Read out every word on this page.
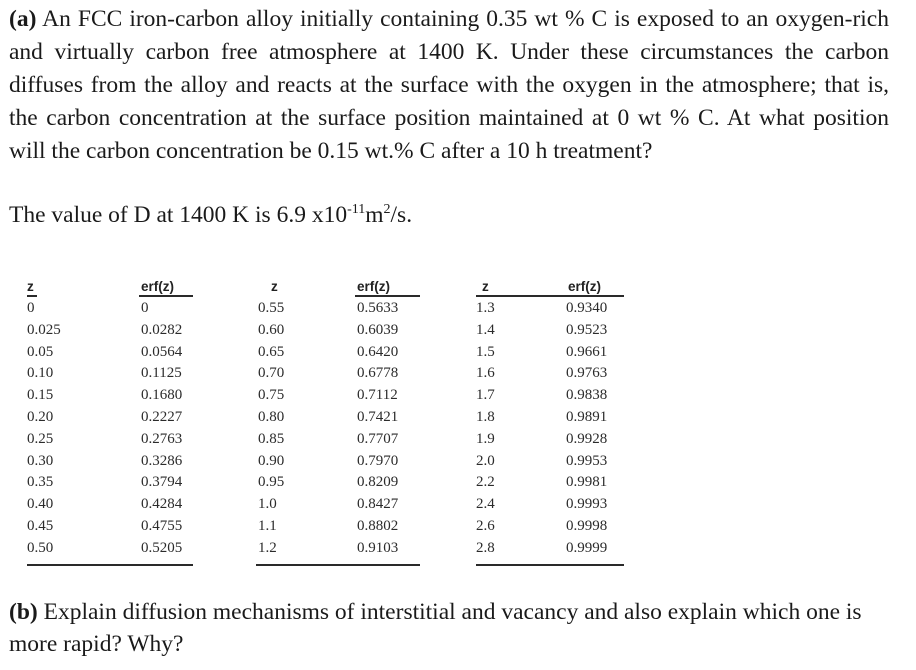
(a) An FCC iron-carbon alloy initially containing 0.35 wt % C is exposed to an oxygen-rich and virtually carbon free atmosphere at 1400 K. Under these circumstances the carbon diffuses from the alloy and reacts at the surface with the oxygen in the atmosphere; that is, the carbon concentration at the surface position maintained at 0 wt % C. At what position will the carbon concentration be 0.15 wt.% C after a 10 h treatment?

The value of D at 1400 K is 6.9 $x10^{-11}m^2/s$.

z	erf(z)
0	0
0.025	0.0282
0.05	0.0564
0.10	0.1125
0.15	0.1680
0.20	0.2227
0.25	0.2763
0.30	0.3286
0.35	0.3794
0.40	0.4284
0.45	0.4755
0.50	0.5205
z	erf(z)
0.55	0.5633
0.60	0.6039
0.65	0.6420
0.70	0.6778
0.75	0.7112
0.80	0.7421
0.85	0.7707
0.90	0.7970
0.95	0.8209
1.0	0.8427
1.1	0.8802
1.2	0.9103
z	erf(z)
1.3	0.9340
1.4	0.9523
1.5	0.9661
1.6	0.9763
1.7	0.9838
1.8	0.9891
1.9	0.9928
2.0	0.9953
2.2	0.9981
2.4	0.9993
2.6	0.9998
2.8	0.9999

(b) Explain diffusion mechanisms of interstitial and vacancy and also explain which one is more rapid? Why?
